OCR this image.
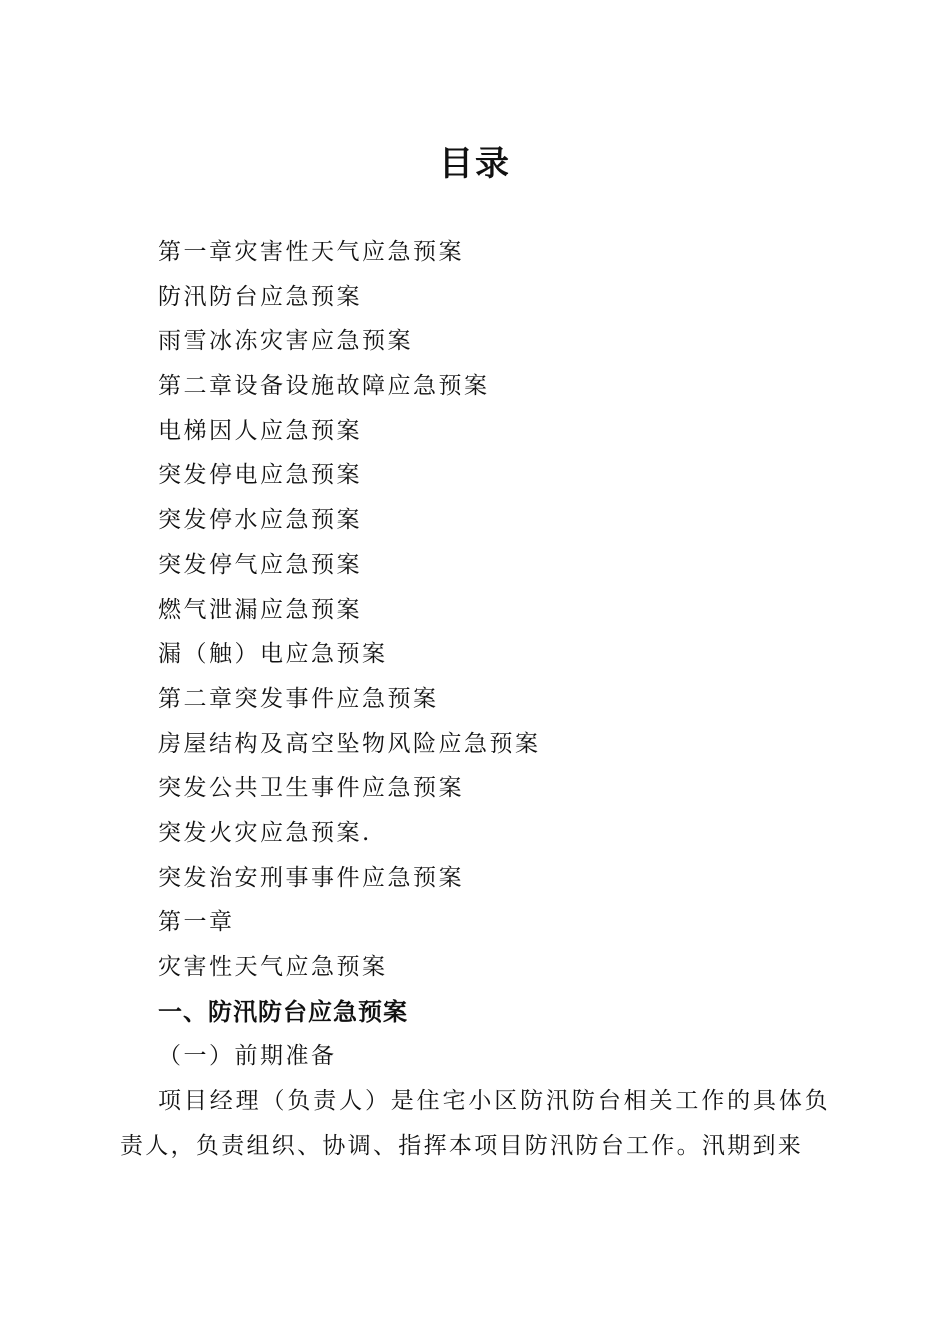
目录
第一章灾害性天气应急预案
防汛防台应急预案
雨雪冰冻灾害应急预案
第二章设备设施故障应急预案
电梯因人应急预案
突发停电应急预案
突发停水应急预案
突发停气应急预案
燃气泄漏应急预案
漏（触）电应急预案
第二章突发事件应急预案
房屋结构及高空坠物风险应急预案
突发公共卫生事件应急预案
突发火灾应急预案.
突发治安刑事事件应急预案
第一章
灾害性天气应急预案
一、防汛防台应急预案
（一）前期准备

项目经理（负责人）是住宅小区防汛防台相关工作的具体负责人，负责组织、协调、指挥本项目防汛防台工作。汛期到来
